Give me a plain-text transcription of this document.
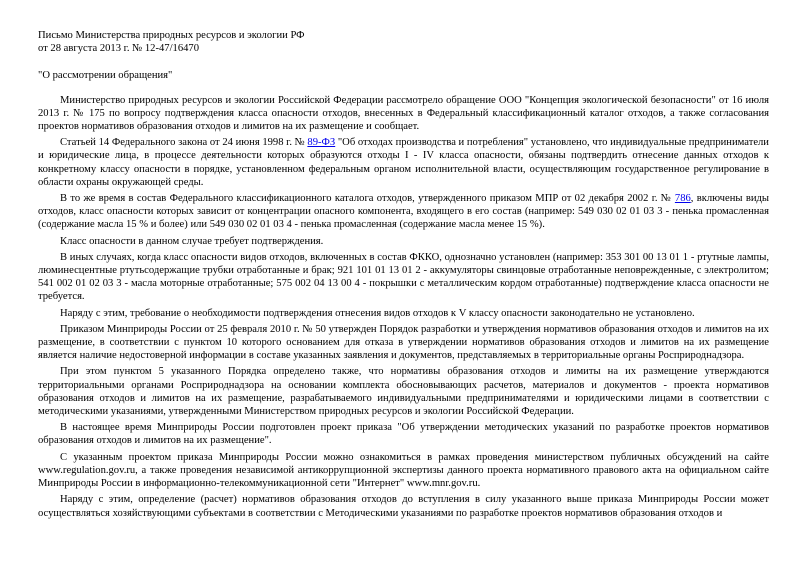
Письмо Министерства природных ресурсов и экологии РФ
от 28 августа 2013 г. № 12-47/16470
"О рассмотрении обращения"

Министерство природных ресурсов и экологии Российской Федерации рассмотрело обращение ООО "Концепция экологической безопасности" от 16 июля 2013 г. № 175 по вопросу подтверждения класса опасности отходов, внесенных в Федеральный классификационный каталог отходов, а также согласования проектов нормативов образования отходов и лимитов на их размещение и сообщает.

Статьей 14 Федерального закона от 24 июня 1998 г. № 89-ФЗ "Об отходах производства и потребления" установлено, что индивидуальные предприниматели и юридические лица, в процессе деятельности которых образуются отходы I - IV класса опасности, обязаны подтвердить отнесение данных отходов к конкретному классу опасности в порядке, установленном федеральным органом исполнительной власти, осуществляющим государственное регулирование в области охраны окружающей среды.

В то же время в состав Федерального классификационного каталога отходов, утвержденного приказом МПР от 02 декабря 2002 г. № 786, включены виды отходов, класс опасности которых зависит от концентрации опасного компонента, входящего в его состав (например: 549 030 02 01 03 3 - пенька промасленная (содержание масла 15 % и более) или 549 030 02 01 03 4 - пенька промасленная (содержание масла менее 15 %).

Класс опасности в данном случае требует подтверждения.

В иных случаях, когда класс опасности видов отходов, включенных в состав ФККО, однозначно установлен (например: 353 301 00 13 01 1 - ртутные лампы, люминесцентные ртутьсодержащие трубки отработанные и брак; 921 101 01 13 01 2 - аккумуляторы свинцовые отработанные неповрежденные, с электролитом; 541 002 01 02 03 3 - масла моторные отработанные; 575 002 04 13 00 4 - покрышки с металлическим кордом отработанные) подтверждение класса опасности не требуется.

Наряду с этим, требование о необходимости подтверждения отнесения видов отходов к V классу опасности законодательно не установлено.

Приказом Минприроды России от 25 февраля 2010 г. № 50 утвержден Порядок разработки и утверждения нормативов образования отходов и лимитов на их размещение, в соответствии с пунктом 10 которого основанием для отказа в утверждении нормативов образования отходов и лимитов на их размещение является наличие недостоверной информации в составе указанных заявления и документов, представляемых в территориальные органы Росприроднадзора.

При этом пунктом 5 указанного Порядка определено также, что нормативы образования отходов и лимиты на их размещение утверждаются территориальными органами Росприроднадзора на основании комплекта обосновывающих расчетов, материалов и документов - проекта нормативов образования отходов и лимитов на их размещение, разрабатываемого индивидуальными предпринимателями и юридическими лицами в соответствии с методическими указаниями, утвержденными Министерством природных ресурсов и экологии Российской Федерации.

В настоящее время Минприроды России подготовлен проект приказа "Об утверждении методических указаний по разработке проектов нормативов образования отходов и лимитов на их размещение".

С указанным проектом приказа Минприроды России можно ознакомиться в рамках проведения министерством публичных обсуждений на сайте www.regulation.gov.ru, а также проведения независимой антикоррупционной экспертизы данного проекта нормативного правового акта на официальном сайте Минприроды России в информационно-телекоммуникационной сети "Интернет" www.mnr.gov.ru.

Наряду с этим, определение (расчет) нормативов образования отходов до вступления в силу указанного выше приказа Минприроды России может осуществляться хозяйствующими субъектами в соответствии с Методическими указаниями по разработке проектов нормативов образования отходов и
